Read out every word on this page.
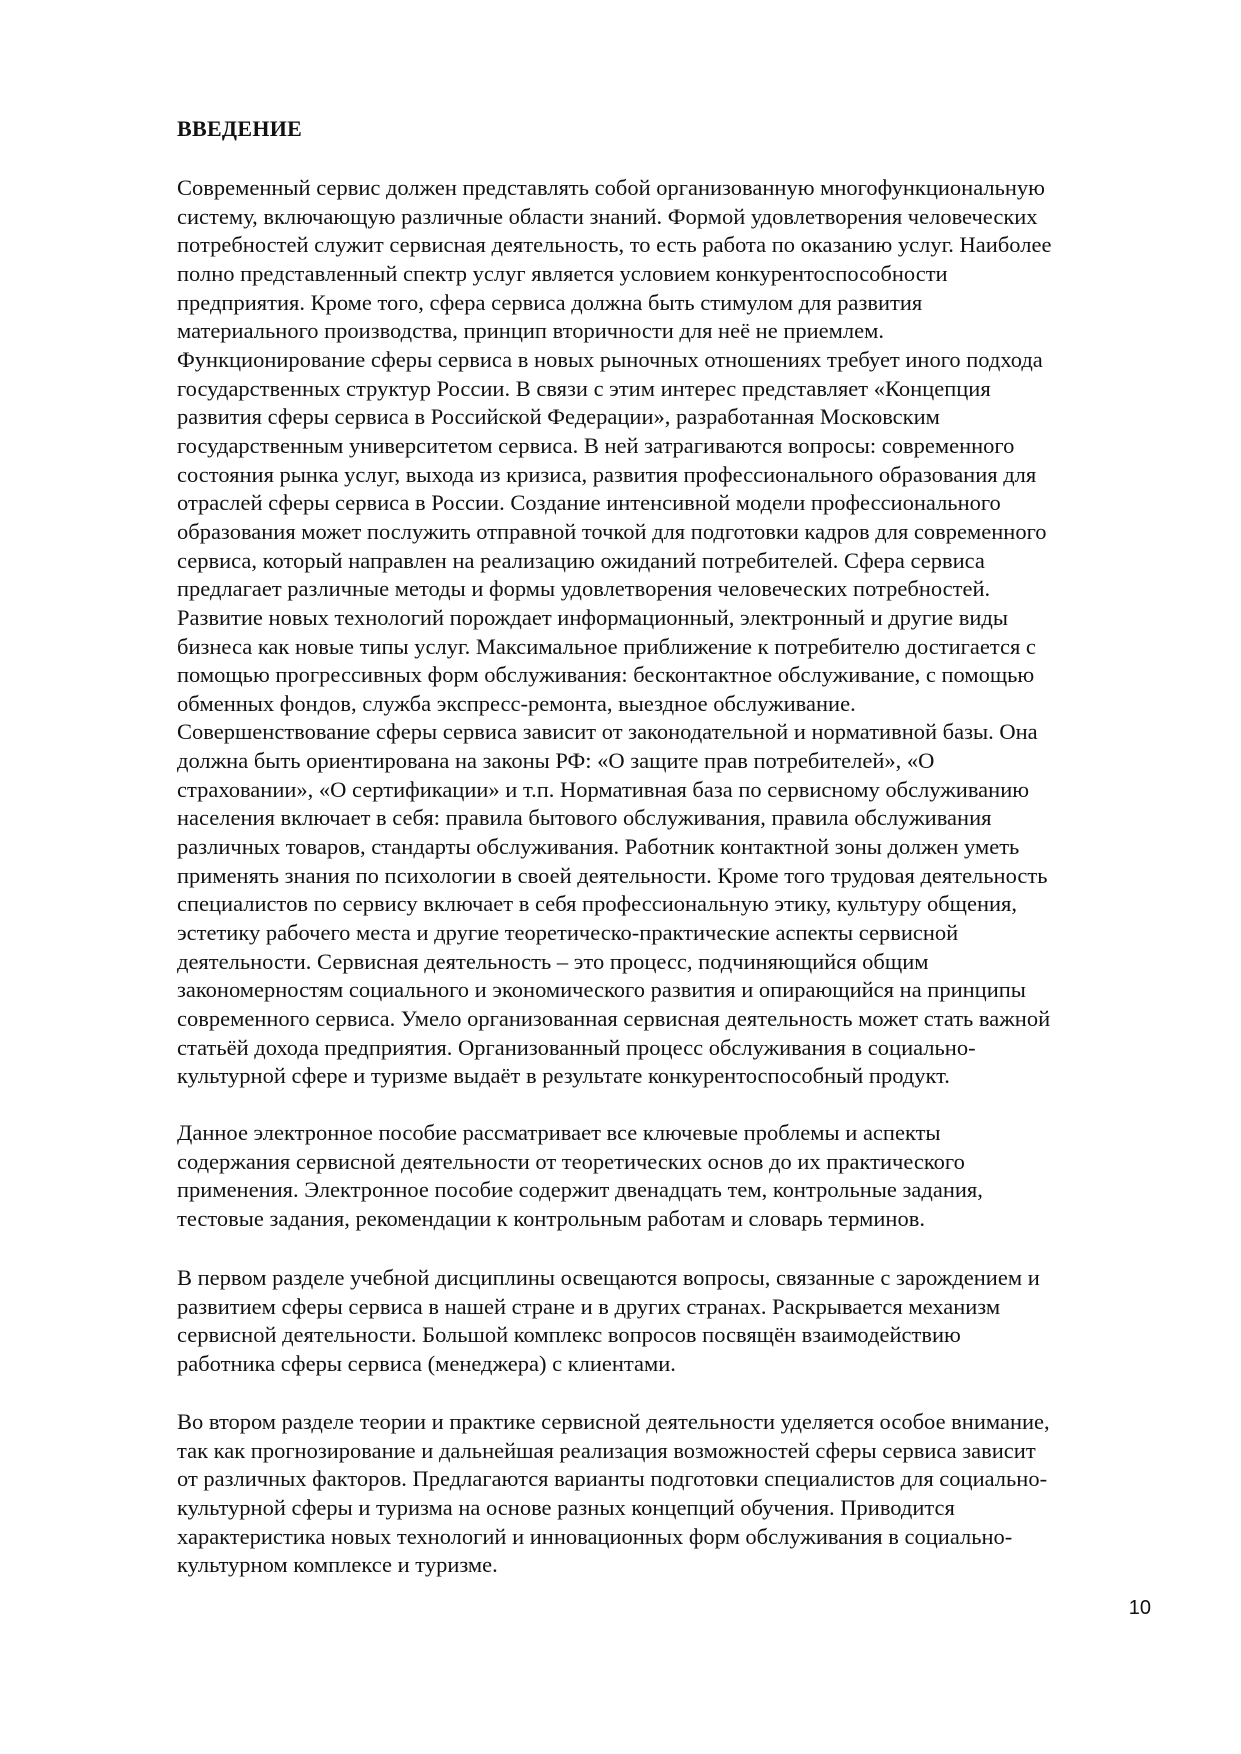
ВВЕДЕНИЕ

Современный сервис должен представлять собой организованную многофункциональную
систему, включающую различные области знаний. Формой удовлетворения человеческих
потребностей служит сервисная деятельность, то есть работа по оказанию услуг. Наиболее
полно представленный спектр услуг является условием конкурентоспособности
предприятия. Кроме того, сфера сервиса должна быть стимулом для развития
материального производства, принцип вторичности для неё не приемлем.
Функционирование сферы сервиса в новых рыночных отношениях требует иного подхода
государственных структур России. В связи с этим интерес представляет «Концепция
развития сферы сервиса в Российской Федерации», разработанная Московским
государственным университетом сервиса. В ней затрагиваются вопросы: современного
состояния рынка услуг, выхода из кризиса, развития профессионального образования для
отраслей сферы сервиса в России. Создание интенсивной модели профессионального
образования может послужить отправной точкой для подготовки кадров для современного
сервиса, который направлен на реализацию ожиданий потребителей. Сфера сервиса
предлагает различные методы и формы удовлетворения человеческих потребностей.
Развитие новых технологий порождает информационный, электронный и другие виды
бизнеса как новые типы услуг. Максимальное приближение к потребителю достигается с
помощью прогрессивных форм обслуживания: бесконтактное обслуживание, с помощью
обменных фондов, служба экспресс-ремонта, выездное обслуживание.
Совершенствование сферы сервиса зависит от законодательной и нормативной базы. Она
должна быть ориентирована на законы РФ: «О защите прав потребителей», «О
страховании», «О сертификации» и т.п. Нормативная база по сервисному обслуживанию
населения включает в себя: правила бытового обслуживания, правила обслуживания
различных товаров, стандарты обслуживания. Работник контактной зоны должен уметь
применять знания по психологии в своей деятельности. Кроме того трудовая деятельность
специалистов по сервису включает в себя профессиональную этику, культуру общения,
эстетику рабочего места и другие теоретическо-практические аспекты сервисной
деятельности. Сервисная деятельность – это процесс, подчиняющийся общим
закономерностям социального и экономического развития и опирающийся на принципы
современного сервиса. Умело организованная сервисная деятельность может стать важной
статьёй дохода предприятия. Организованный процесс обслуживания в социально-
культурной сфере и туризме выдаёт в результате конкурентоспособный продукт.

Данное электронное пособие рассматривает все ключевые проблемы и аспекты
содержания сервисной деятельности от теоретических основ до их практического
применения. Электронное пособие содержит двенадцать тем, контрольные задания,
тестовые задания, рекомендации к контрольным работам и словарь терминов.

В первом разделе учебной дисциплины освещаются вопросы, связанные с зарождением и
развитием сферы сервиса в нашей стране и в других странах. Раскрывается механизм
сервисной деятельности. Большой комплекс вопросов посвящён взаимодействию
работника сферы сервиса (менеджера) с клиентами.

Во втором разделе теории и практике сервисной деятельности уделяется особое внимание,
так как прогнозирование и дальнейшая реализация возможностей сферы сервиса зависит
от различных факторов. Предлагаются варианты подготовки специалистов для социально-
культурной сферы и туризма на основе разных концепций обучения. Приводится
характеристика новых технологий и инновационных форм обслуживания в социально-
культурном комплексе и туризме.

10
